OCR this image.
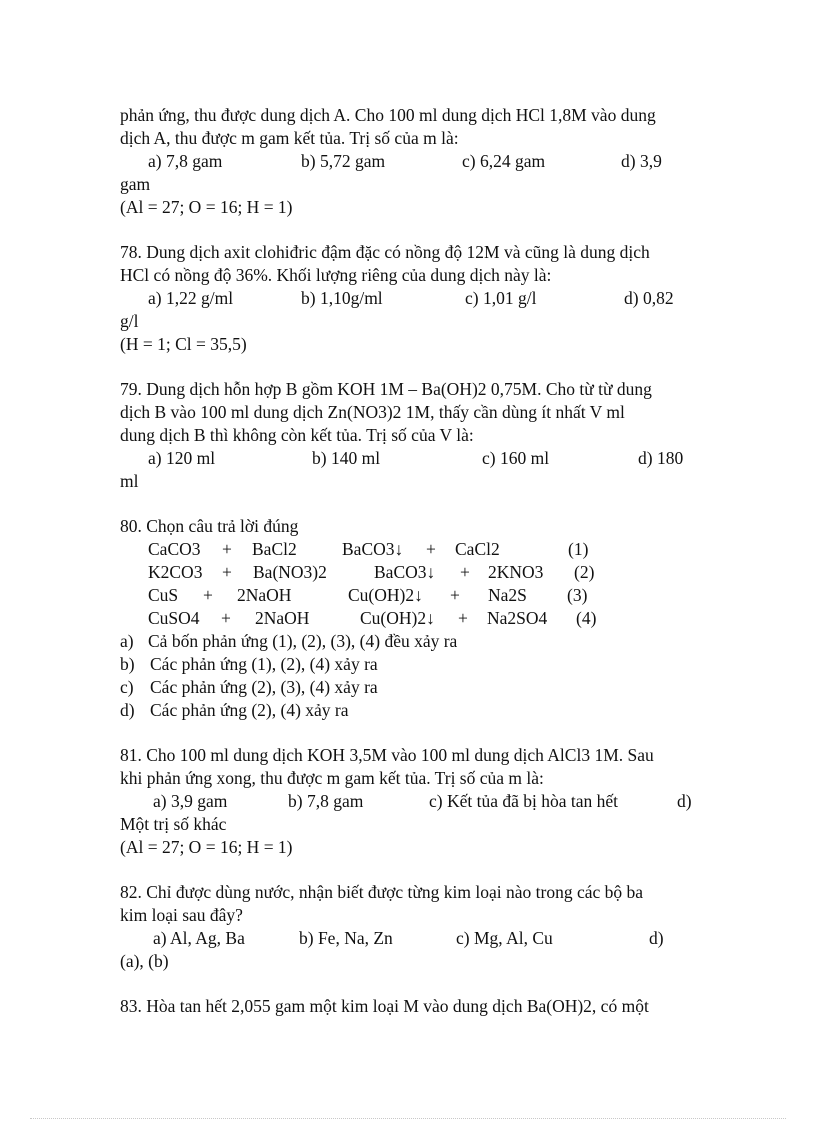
phản ứng, thu được dung dịch A. Cho 100 ml dung dịch HCl 1,8M vào dung
dịch A, thu được m gam kết tủa. Trị số của m là:
a) 7,8 gam	b) 5,72 gam	c) 6,24 gam	d) 3,9
gam
(Al = 27; O = 16; H = 1)
78. Dung dịch axit clohiđric đậm đặc có nồng độ 12M và cũng là dung dịch
HCl có nồng độ 36%. Khối lượng riêng của dung dịch này là:
a) 1,22 g/ml	b) 1,10g/ml	c) 1,01 g/l	d) 0,82
g/l
(H = 1; Cl = 35,5)
79. Dung dịch hỗn hợp B gồm KOH 1M – Ba(OH)2 0,75M. Cho từ từ dung
dịch B vào 100 ml dung dịch Zn(NO3)2 1M, thấy cần dùng ít nhất V ml
dung dịch B thì không còn kết tủa. Trị số của V là:
a) 120 ml	b) 140 ml	c) 160 ml	d) 180
ml
80. Chọn câu trả lời đúng
CaCO3 + BaCl2	BaCO3↓ + CaCl2	(1)
K2CO3 + Ba(NO3)2	BaCO3↓ + 2KNO3 (2)
CuS + 2NaOH	Cu(OH)2↓ + Na2S (3)
CuSO4 + 2NaOH	Cu(OH)2↓ + Na2SO4 (4)
a) Cả bốn phản ứng (1), (2), (3), (4) đều xảy ra
b) Các phản ứng (1), (2), (4) xảy ra
c) Các phản ứng (2), (3), (4) xảy ra
d) Các phản ứng (2), (4) xảy ra
81. Cho 100 ml dung dịch KOH 3,5M vào 100 ml dung dịch AlCl3 1M. Sau
khi phản ứng xong, thu được m gam kết tủa. Trị số của m là:
a) 3,9 gam	b) 7,8 gam	c) Kết tủa đã bị hòa tan hết	d)
Một trị số khác
(Al = 27; O = 16; H = 1)
82. Chỉ được dùng nước, nhận biết được từng kim loại nào trong các bộ ba
kim loại sau đây?
a) Al, Ag, Ba	b) Fe, Na, Zn	c) Mg, Al, Cu	d)
(a), (b)
83. Hòa tan hết 2,055 gam một kim loại M vào dung dịch Ba(OH)2, có một
